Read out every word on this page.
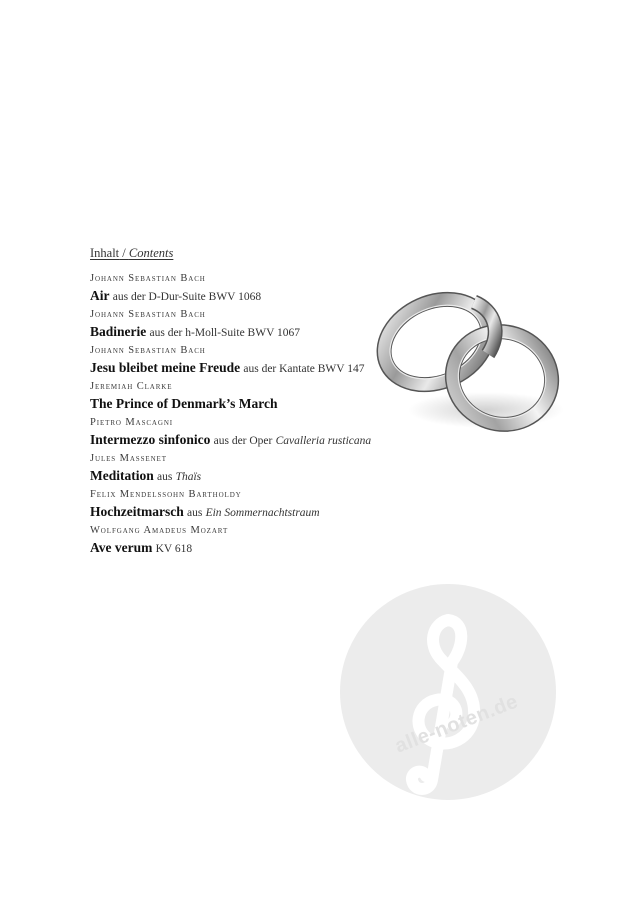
Inhalt / Contents
Johann Sebastian Bach
Air aus der D-Dur-Suite BWV 1068
Johann Sebastian Bach
Badinerie aus der h-Moll-Suite BWV 1067
Johann Sebastian Bach
Jesu bleibet meine Freude aus der Kantate BWV 147
Jeremiah Clarke
The Prince of Denmark’s March
Pietro Mascagni
Intermezzo sinfonico aus der Oper Cavalleria rusticana
Jules Massenet
Meditation aus Thaïs
Felix Mendelssohn Bartholdy
Hochzeitmarsch aus Ein Sommernachtstraum
Wolfgang Amadeus Mozart
Ave verum KV 618
alle-noten.de
